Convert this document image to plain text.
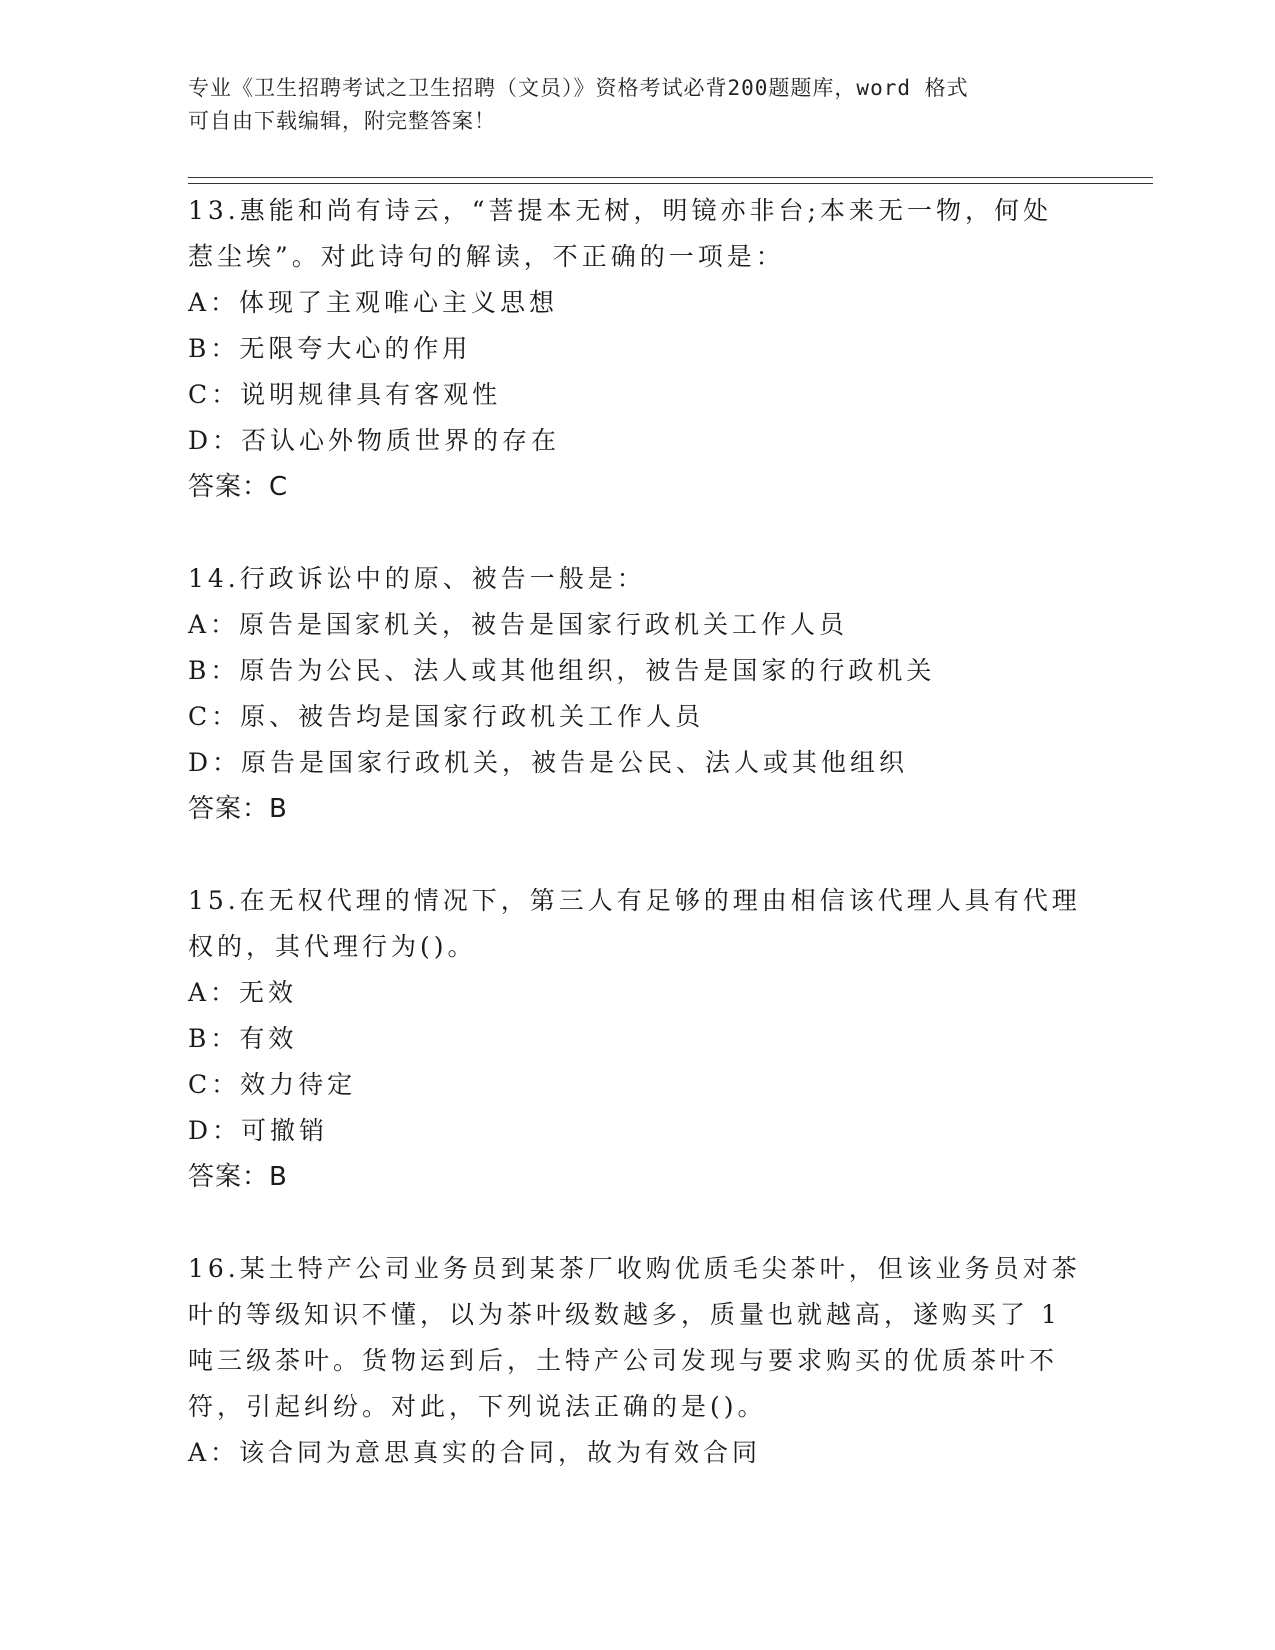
专业《卫生招聘考试之卫生招聘（文员）》资格考试必背200题题库，word 格式
可自由下载编辑，附完整答案！
13.惠能和尚有诗云，“菩提本无树，明镜亦非台;本来无一物，何处
惹尘埃”。对此诗句的解读，不正确的一项是：
A：体现了主观唯心主义思想
B：无限夸大心的作用
C：说明规律具有客观性
D：否认心外物质世界的存在
答案：C
14.行政诉讼中的原、被告一般是：
A：原告是国家机关，被告是国家行政机关工作人员
B：原告为公民、法人或其他组织，被告是国家的行政机关
C：原、被告均是国家行政机关工作人员
D：原告是国家行政机关，被告是公民、法人或其他组织
答案：B
15.在无权代理的情况下，第三人有足够的理由相信该代理人具有代理
权的，其代理行为()。
A：无效
B：有效
C：效力待定
D：可撤销
答案：B
16.某土特产公司业务员到某茶厂收购优质毛尖茶叶，但该业务员对茶
叶的等级知识不懂，以为茶叶级数越多，质量也就越高，遂购买了 1
吨三级茶叶。货物运到后，土特产公司发现与要求购买的优质茶叶不
符，引起纠纷。对此，下列说法正确的是()。
A：该合同为意思真实的合同，故为有效合同
